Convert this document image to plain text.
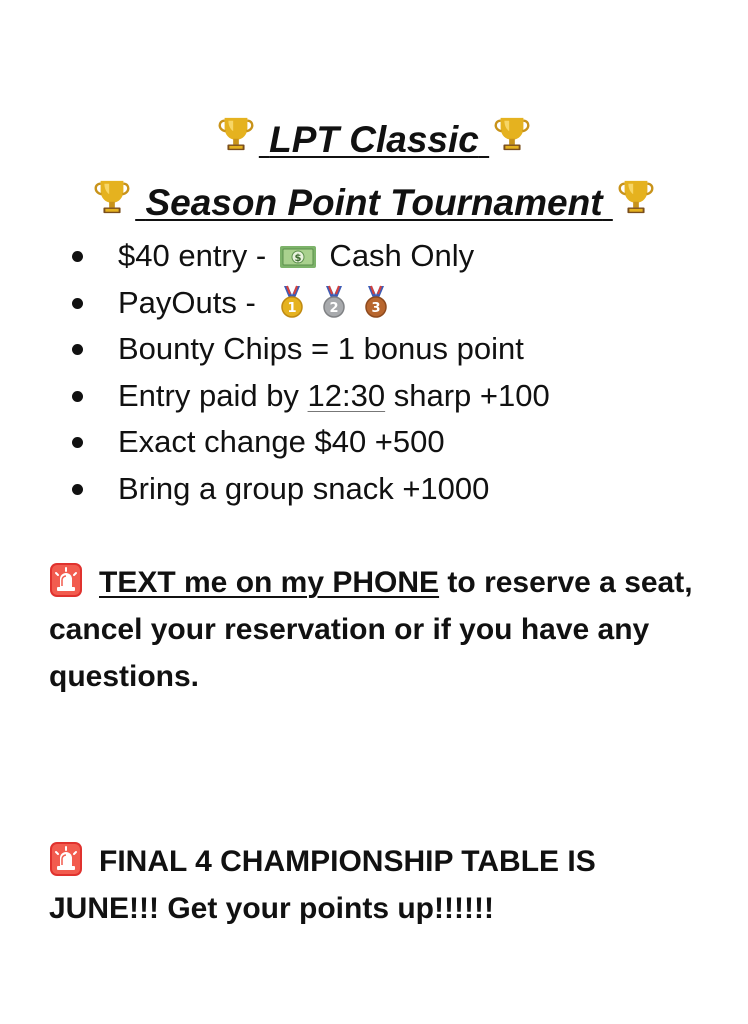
LPT Classic
Season Point Tournament
$40 entry - $ Cash Only
PayOuts - 1	2	3
Bounty Chips = 1 bonus point
Entry paid by 12:30 sharp +100
Exact change $40 +500
Bring a group snack +1000
TEXT me on my PHONE to reserve a seat, cancel your reservation or if you have any questions.
FINAL 4 CHAMPIONSHIP TABLE IS JUNE!!! Get your points up!!!!!!
